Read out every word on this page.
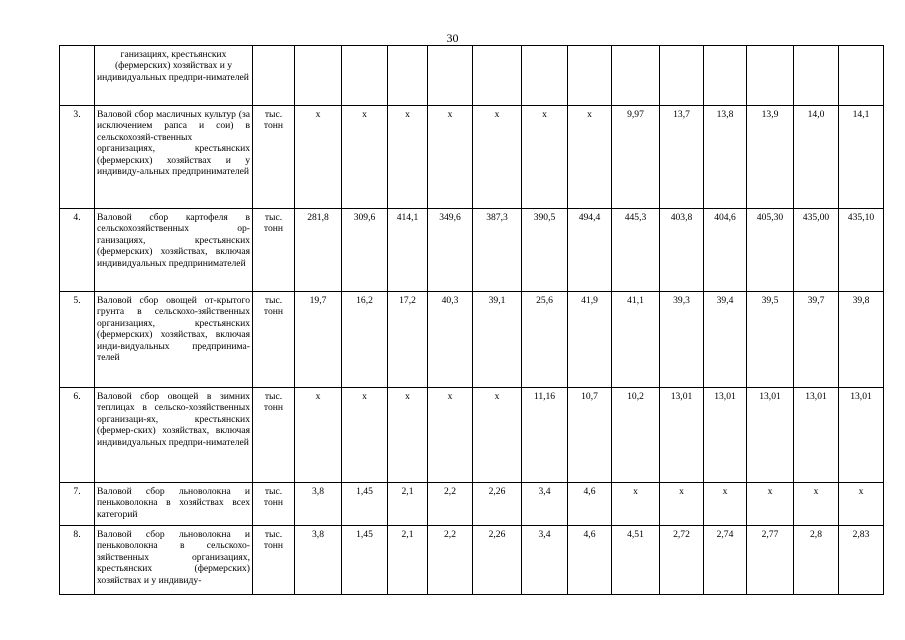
30
	ганизациях, крестьянских (фермерских) хозяйствах и у индивидуальных предпри-нимателей														
3.	Валовой сбор масличных культур (за исключением рапса и сои) в сельскохозяй-ственных организациях, крестьянских (фермерских) хозяйствах и у индивиду-альных предпринимателей	тыс. тонн	x	x	x	x	x	x	x	9,97	13,7	13,8	13,9	14,0	14,1
4.	Валовой сбор картофеля в сельскохозяйственных ор-ганизациях, крестьянских (фермерских) хозяйствах, включая индивидуальных предпринимателей	тыс. тонн	281,8	309,6	414,1	349,6	387,3	390,5	494,4	445,3	403,8	404,6	405,30	435,00	435,10
5.	Валовой сбор овощей от-крытого грунта в сельскохо-зяйственных организациях, крестьянских (фермерских) хозяйствах, включая инди-видуальных предпринима-телей	тыс. тонн	19,7	16,2	17,2	40,3	39,1	25,6	41,9	41,1	39,3	39,4	39,5	39,7	39,8
6.	Валовой сбор овощей в зимних теплицах в сельско-хозяйственных организаци-ях, крестьянских (фермер-ских) хозяйствах, включая индивидуальных предпри-нимателей	тыс. тонн	x	x	x	x	x	11,16	10,7	10,2	13,01	13,01	13,01	13,01	13,01
7.	Валовой сбор льноволокна и пеньковолокна в хозяйствах всех категорий	тыс. тонн	3,8	1,45	2,1	2,2	2,26	3,4	4,6	x	x	x	x	x	x
8.	Валовой сбор льноволокна и пеньковолокна в сельскохо-зяйственных организациях, крестьянских (фермерских) хозяйствах и у индивиду-	тыс. тонн	3,8	1,45	2,1	2,2	2,26	3,4	4,6	4,51	2,72	2,74	2,77	2,8	2,83
